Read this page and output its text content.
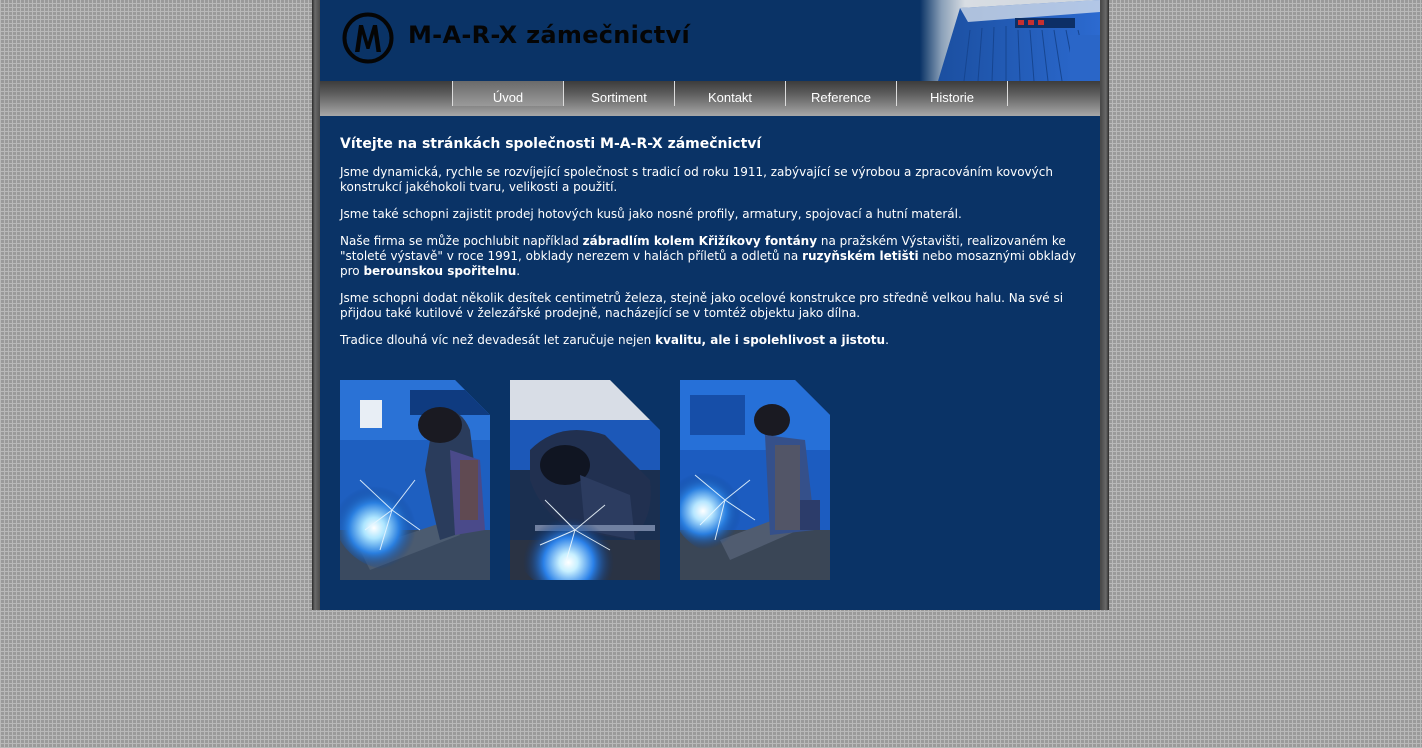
M-A-R-X zámečnictví
Úvod	Sortiment	Kontakt	Reference	Historie
Vítejte na stránkách společnosti M-A-R-X zámečnictví

Jsme dynamická, rychle se rozvíjející společnost s tradicí od roku 1911, zabývající se výrobou a zpracováním kovových konstrukcí jakéhokoli tvaru, velikosti a použití.

Jsme také schopni zajistit prodej hotových kusů jako nosné profily, armatury, spojovací a hutní materál.

Naše firma se může pochlubit například zábradlím kolem Křižíkovy fontány na pražském Výstavišti, realizovaném ke "stoleté výstavě" v roce 1991, obklady nerezem v halách příletů a odletů na ruzyňském letišti nebo mosaznými obklady pro berounskou spořitelnu.

Jsme schopni dodat několik desítek centimetrů železa, stejně jako ocelové konstrukce pro středně velkou halu. Na své si přijdou také kutilové v železářské prodejně, nacházející se v tomtéž objektu jako dílna.

Tradice dlouhá víc než devadesát let zaručuje nejen kvalitu, ale i spolehlivost a jistotu.
